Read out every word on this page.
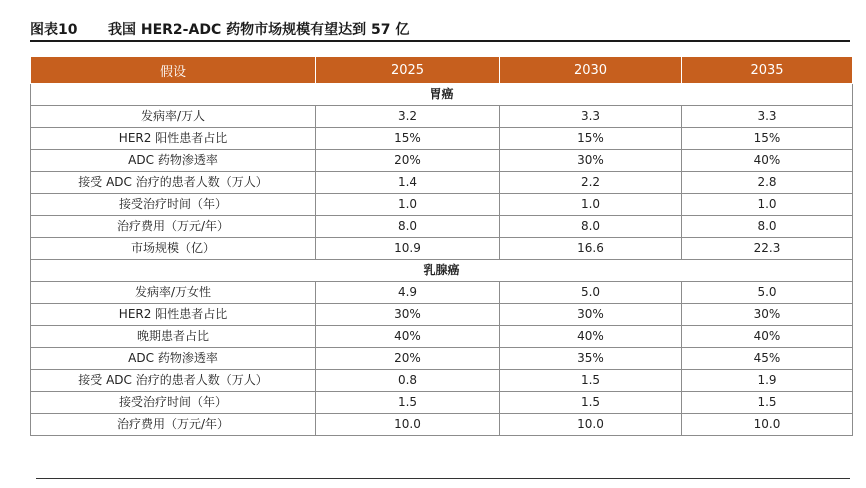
图表10 我国 HER2-ADC 药物市场规模有望达到 57 亿
假设	2025	2030	2035
胃癌			
发病率/万人	3.2	3.3	3.3
HER2 阳性患者占比	15%	15%	15%
ADC 药物渗透率	20%	30%	40%
接受 ADC 治疗的患者人数（万人）	1.4	2.2	2.8
接受治疗时间（年）	1.0	1.0	1.0
治疗费用（万元/年）	8.0	8.0	8.0
市场规模（亿）	10.9	16.6	22.3
乳腺癌			
发病率/万女性	4.9	5.0	5.0
HER2 阳性患者占比	30%	30%	30%
晚期患者占比	40%	40%	40%
ADC 药物渗透率	20%	35%	45%
接受 ADC 治疗的患者人数（万人）	0.8	1.5	1.9
接受治疗时间（年）	1.5	1.5	1.5
治疗费用（万元/年）	10.0	10.0	10.0
